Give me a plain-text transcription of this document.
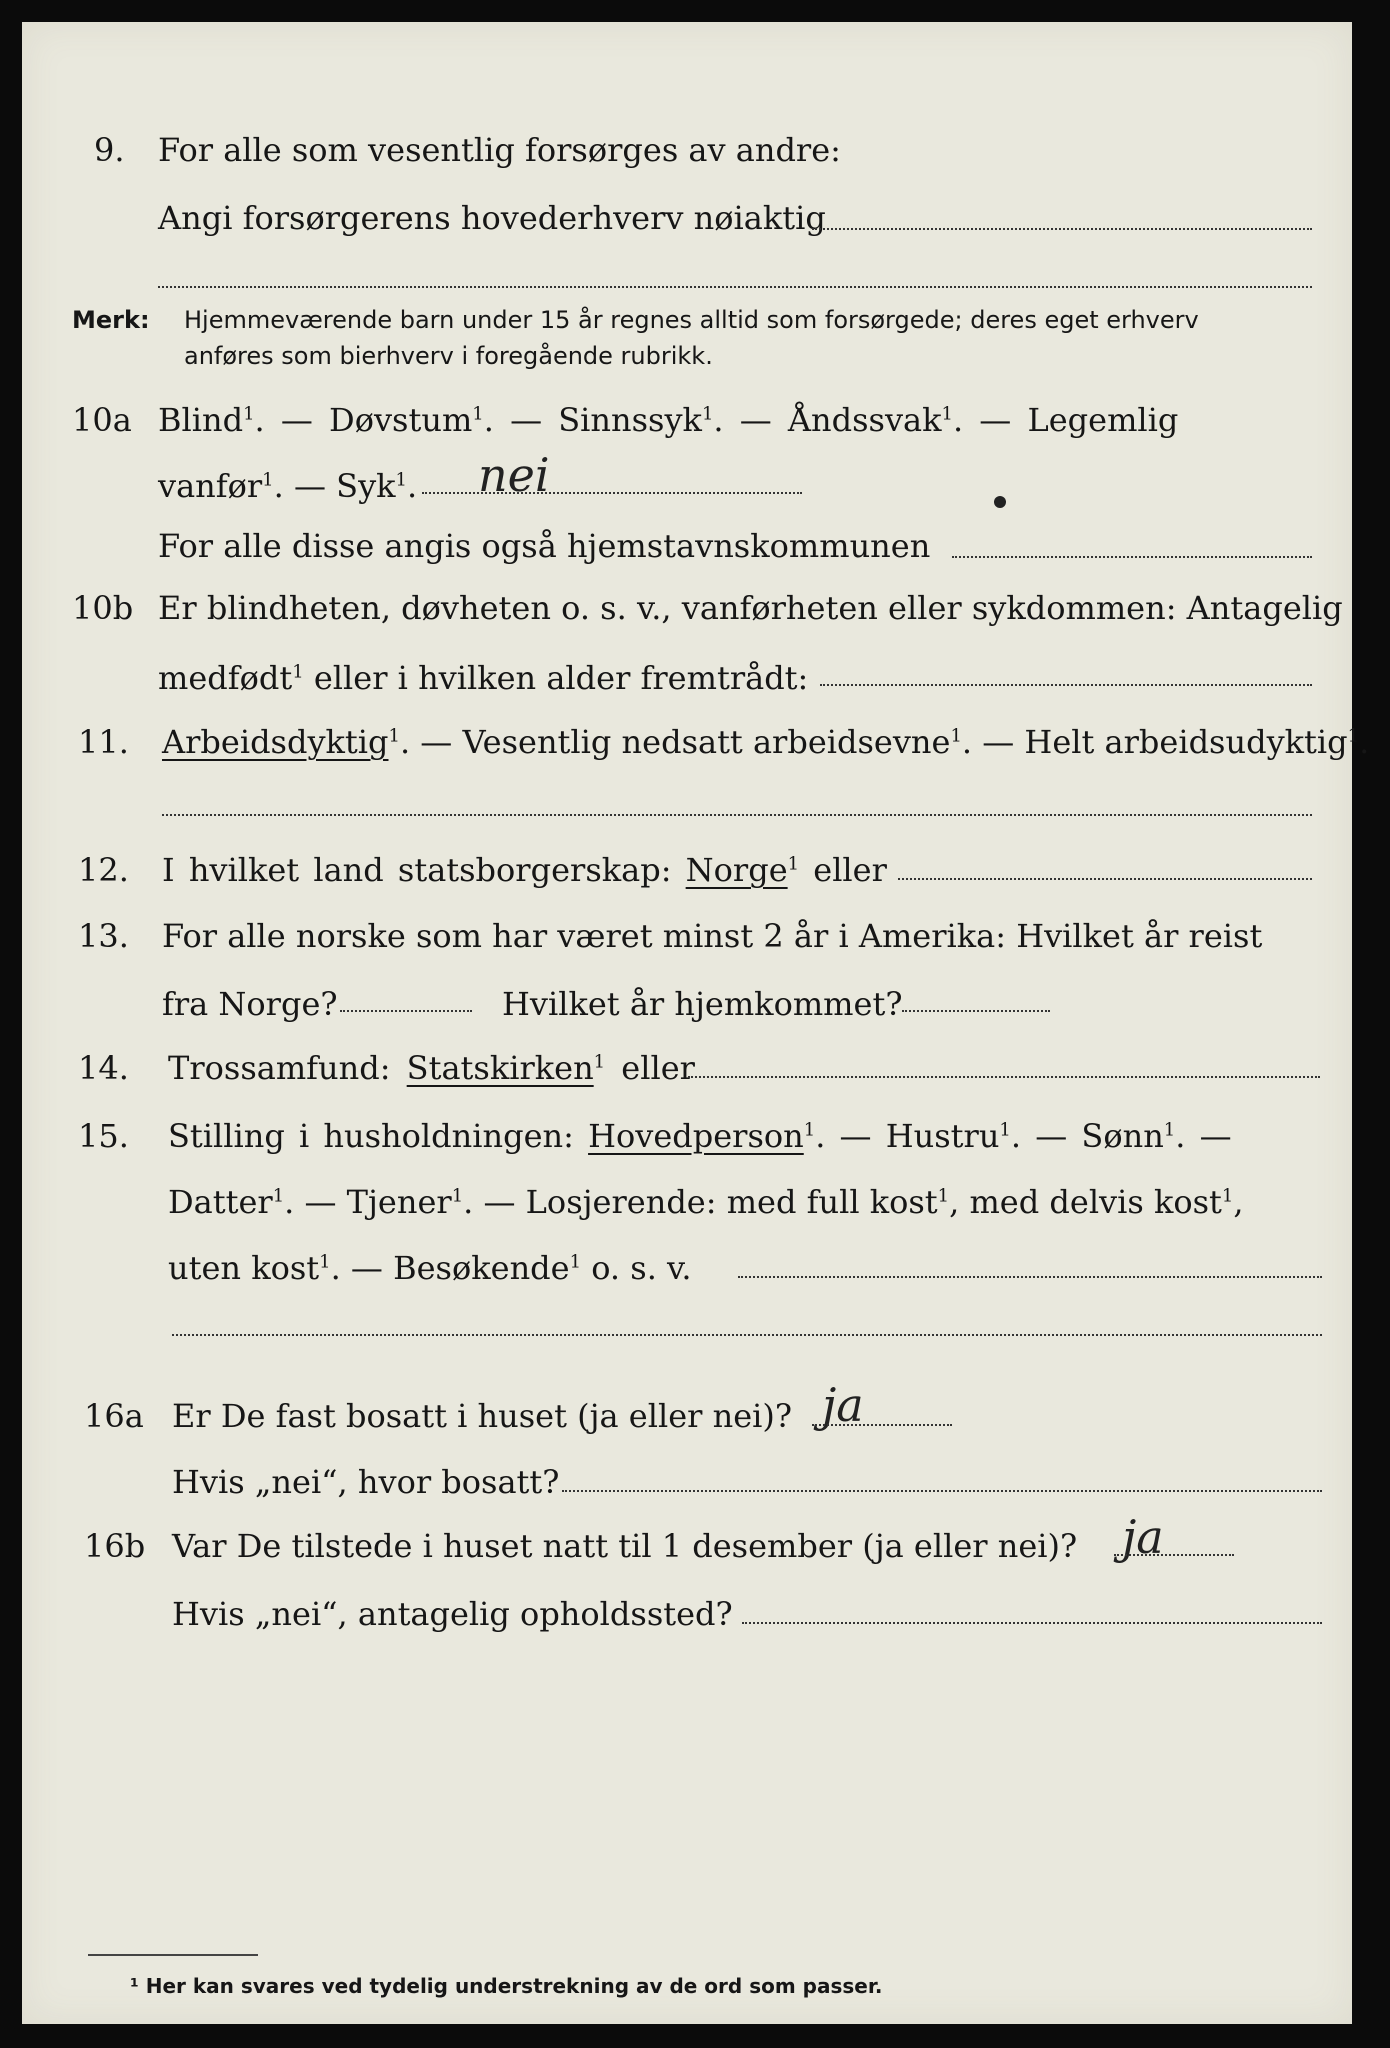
9. For alle som vesentlig forsørges av andre:
Angi forsørgerens hovederhverv nøiaktig
Merk: Hjemmeværende barn under 15 år regnes alltid som forsørgede; deres eget erhverv
anføres som bierhverv i foregående rubrikk.
10a Blind$^1$. — Døvstum$^1$. — Sinnssyk$^1$. — Åndssvak$^1$. — Legemlig
vanfør$^1$. — Syk$^1$. nei
For alle disse angis også hjemstavnskommunen
10b Er blindheten, døvheten o. s. v., vanførheten eller sykdommen: Antagelig
medfødt$^1$ eller i hvilken alder fremtrådt:
11. Arbeidsdyktig$^1$. — Vesentlig nedsatt arbeidsevne$^1$. — Helt arbeidsudyktig$^1$.
12. I hvilket land statsborgerskap: Norge$^1$ eller
13. For alle norske som har været minst 2 år i Amerika: Hvilket år reist
fra Norge?	Hvilket år hjemkommet?
14. Trossamfund: Statskirken$^1$ eller
15. Stilling i husholdningen: Hovedperson$^1$. — Hustru$^1$. — Sønn$^1$. —
Datter$^1$. — Tjener$^1$. — Losjerende: med full kost$^1$, med delvis kost$^1$,
uten kost$^1$. — Besøkende$^1$ o. s. v.
16a Er De fast bosatt i huset (ja eller nei)? ja
Hvis „nei“, hvor bosatt?
16b Var De tilstede i huset natt til 1 desember (ja eller nei)? ja
Hvis „nei“, antagelig opholdssted?
¹ Her kan svares ved tydelig understrekning av de ord som passer.
